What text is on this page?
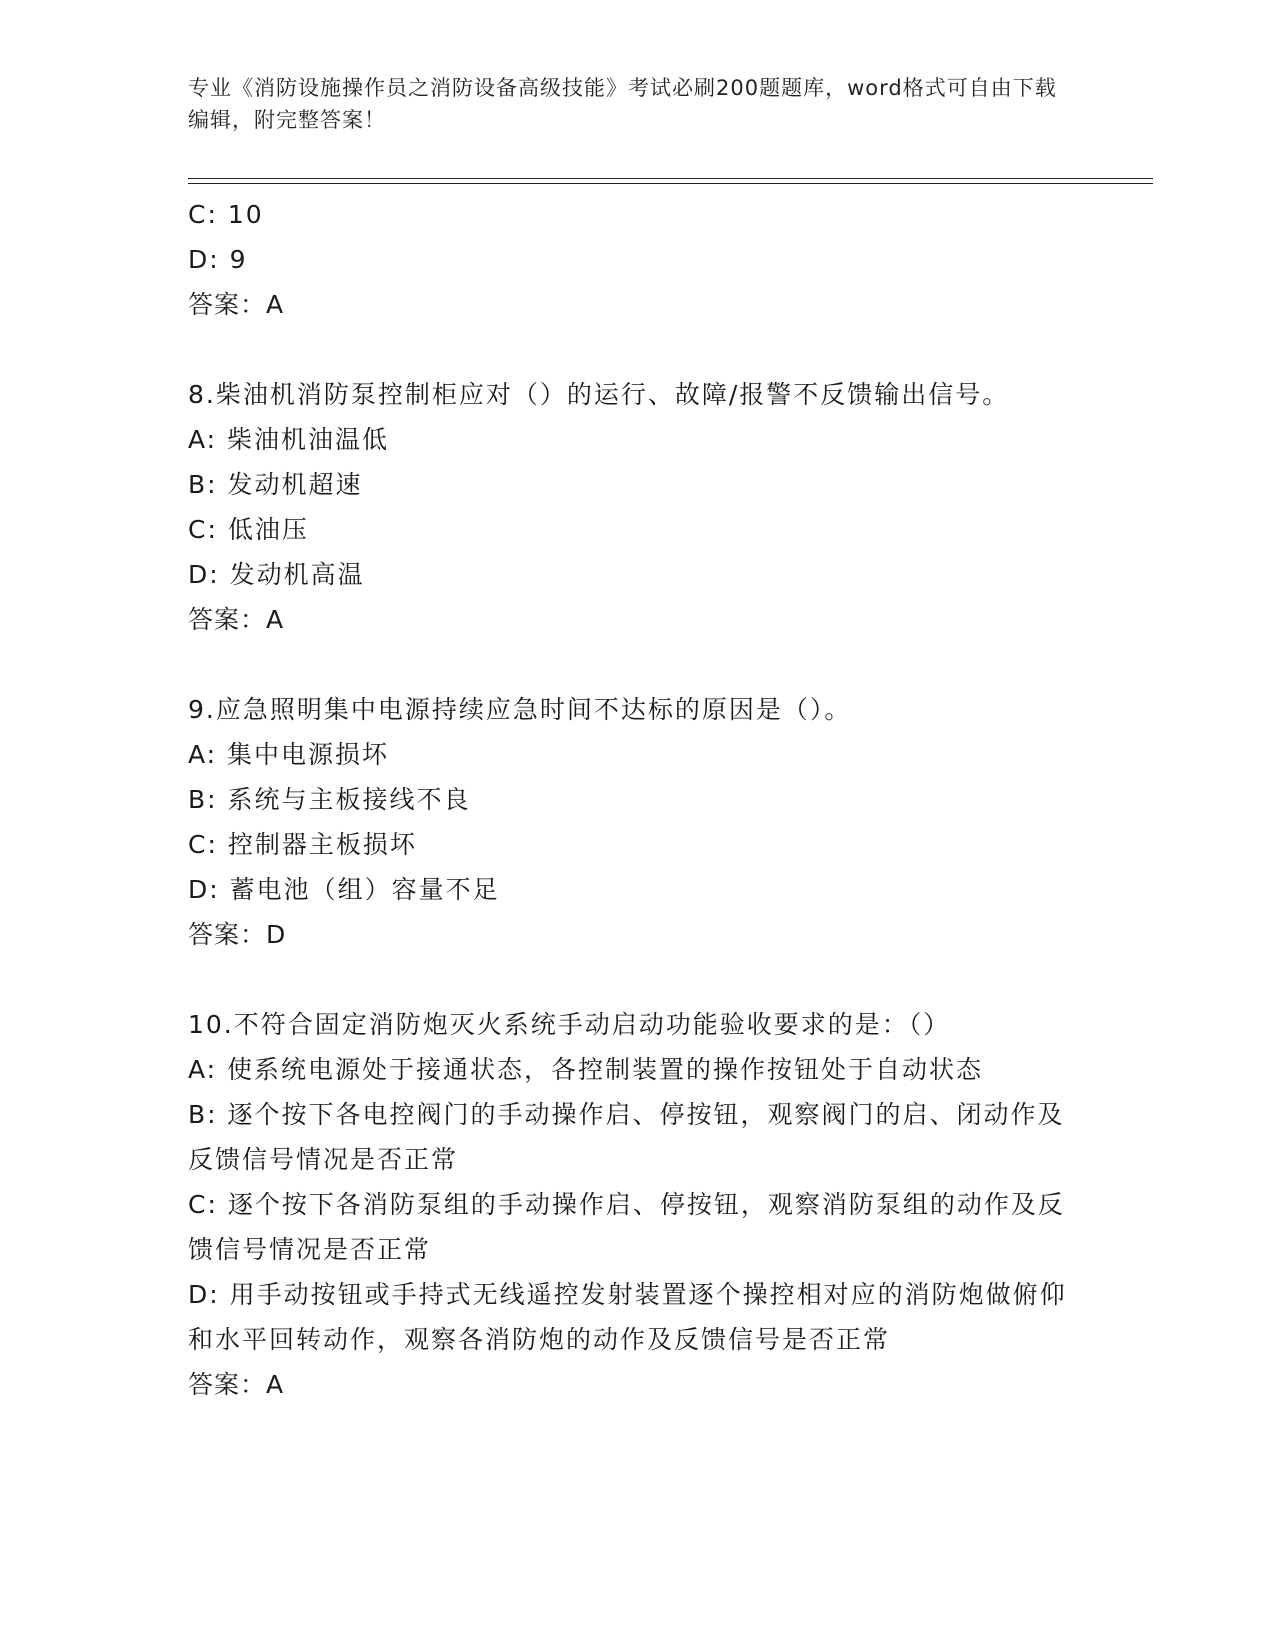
专业《消防设施操作员之消防设备高级技能》考试必刷200题题库，word格式可自由下载编辑，附完整答案！
C: 10
D: 9
答案：A
8.柴油机消防泵控制柜应对（）的运行、故障/报警不反馈输出信号。
A: 柴油机油温低
B: 发动机超速
C: 低油压
D: 发动机高温
答案：A
9.应急照明集中电源持续应急时间不达标的原因是（）。
A: 集中电源损坏
B: 系统与主板接线不良
C: 控制器主板损坏
D: 蓄电池（组）容量不足
答案：D
10.不符合固定消防炮灭火系统手动启动功能验收要求的是：（）
A: 使系统电源处于接通状态，各控制装置的操作按钮处于自动状态
B: 逐个按下各电控阀门的手动操作启、停按钮，观察阀门的启、闭动作及反馈信号情况是否正常
C: 逐个按下各消防泵组的手动操作启、停按钮，观察消防泵组的动作及反馈信号情况是否正常
D: 用手动按钮或手持式无线遥控发射装置逐个操控相对应的消防炮做俯仰和水平回转动作，观察各消防炮的动作及反馈信号是否正常
答案：A
